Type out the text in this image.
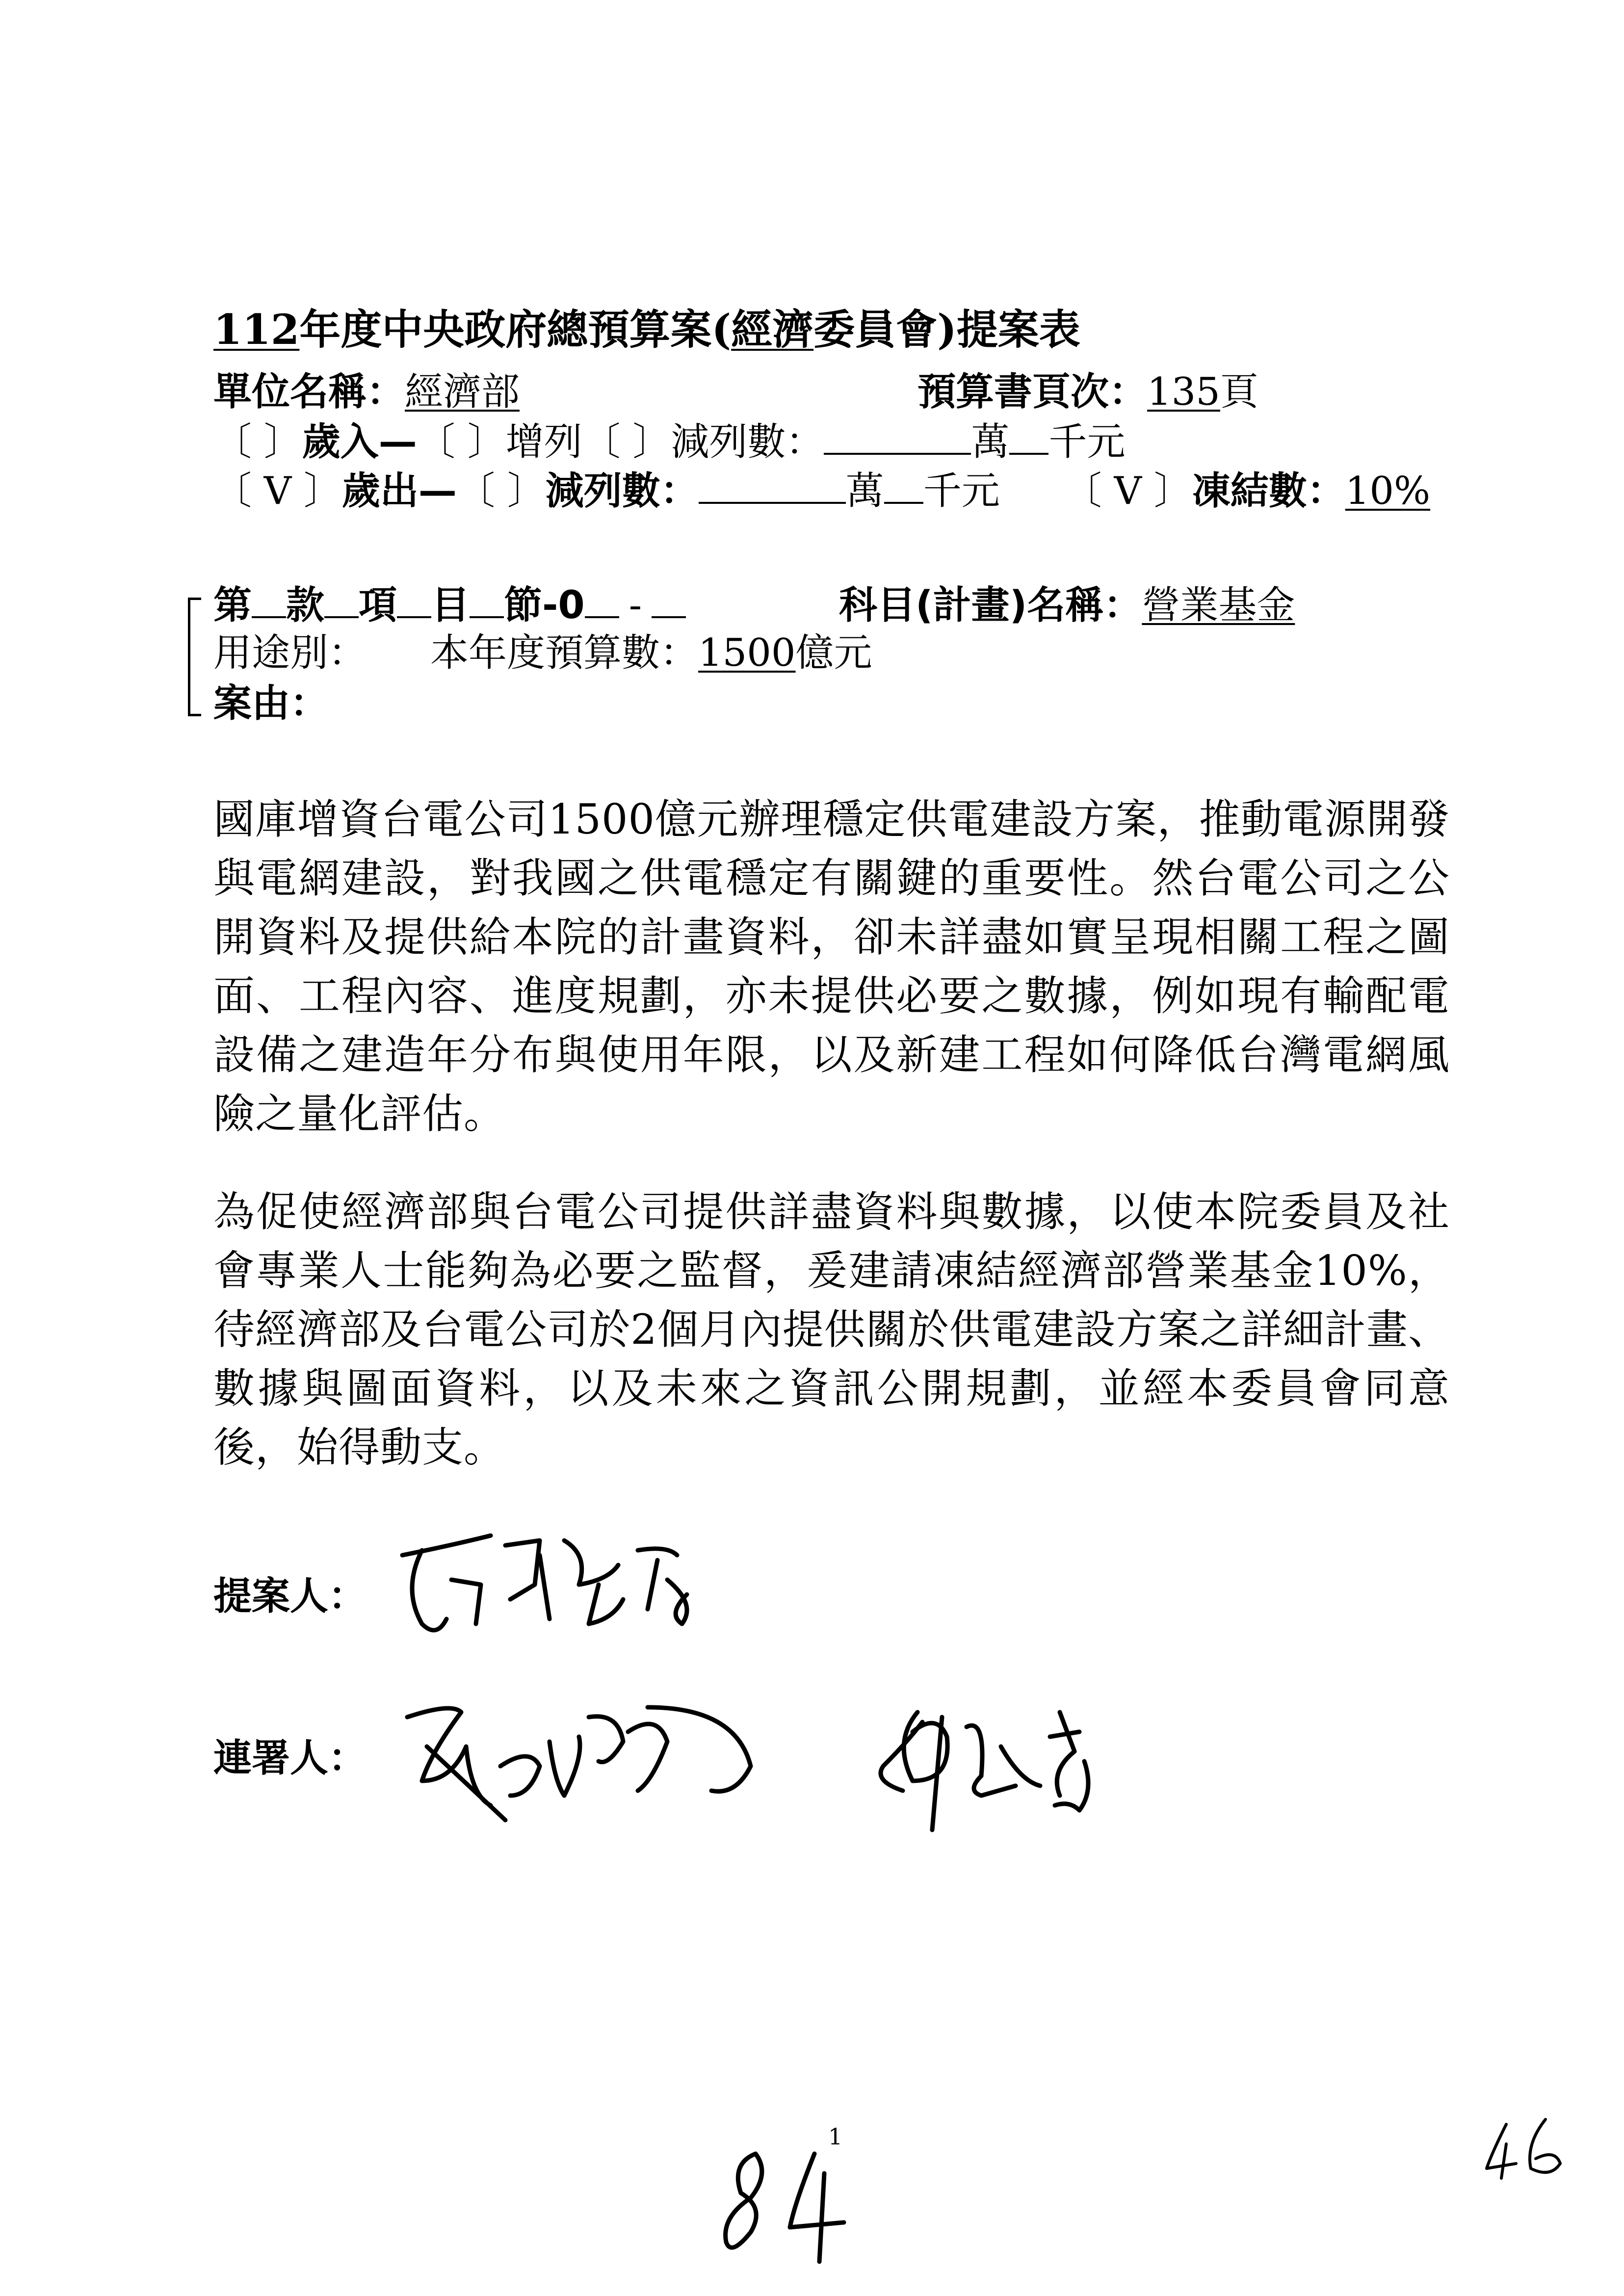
112年度中央政府總預算案(經濟委員會)提案表
單位名稱：經濟部	預算書頁次：135頁
〔 〕歲入—〔 〕增列〔 〕減列數：	萬 千元
〔 V 〕歲出—〔 〕減列數：	萬 千元 〔 V 〕凍結數：10%
第 款 項 目 節-0 -	科目(計畫)名稱：營業基金
用途別： 本年度預算數：1500億元
案由：
國庫增資台電公司1500億元辦理穩定供電建設方案，推動電源開發與電網建設，對我國之供電穩定有關鍵的重要性。然台電公司之公開資料及提供給本院的計畫資料，卻未詳盡如實呈現相關工程之圖面、工程內容、進度規劃，亦未提供必要之數據，例如現有輸配電設備之建造年分布與使用年限，以及新建工程如何降低台灣電網風險之量化評估。
為促使經濟部與台電公司提供詳盡資料與數據，以使本院委員及社會專業人士能夠為必要之監督，爰建請凍結經濟部營業基金10%，待經濟部及台電公司於2個月內提供關於供電建設方案之詳細計畫、數據與圖面資料，以及未來之資訊公開規劃，並經本委員會同意後，始得動支。
提案人：
連署人：
1
